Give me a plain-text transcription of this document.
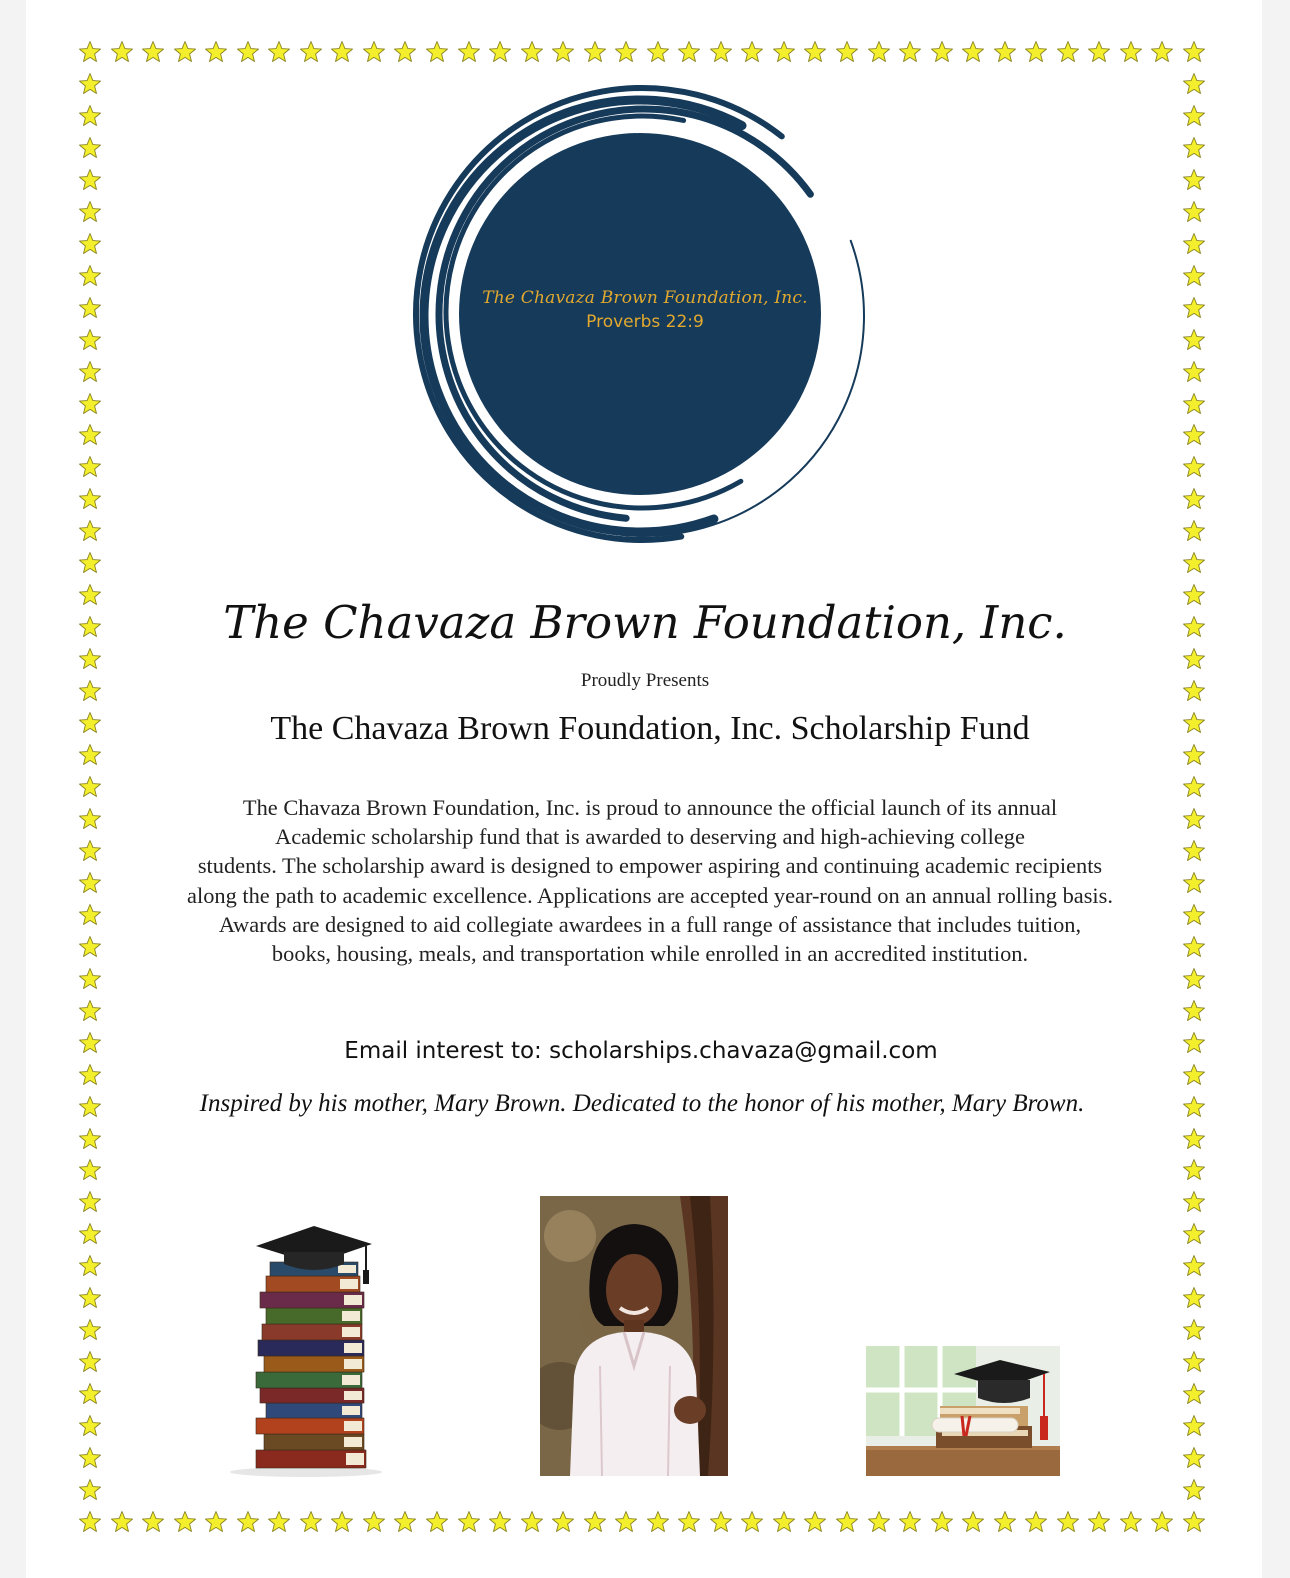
The Chavaza Brown Foundation, Inc.
Proverbs 22:9
The Chavaza Brown Foundation, Inc.
Proudly Presents
The Chavaza Brown Foundation, Inc. Scholarship Fund
The Chavaza Brown Foundation, Inc. is proud to announce the official launch of its annual
Academic scholarship fund that is awarded to deserving and high-achieving college
students. The scholarship award is designed to empower aspiring and continuing academic recipients
along the path to academic excellence. Applications are accepted year-round on an annual rolling basis.
Awards are designed to aid collegiate awardees in a full range of assistance that includes tuition,
books, housing, meals, and transportation while enrolled in an accredited institution.
Email interest to: scholarships.chavaza@gmail.com
Inspired by his mother, Mary Brown. Dedicated to the honor of his mother, Mary Brown.
